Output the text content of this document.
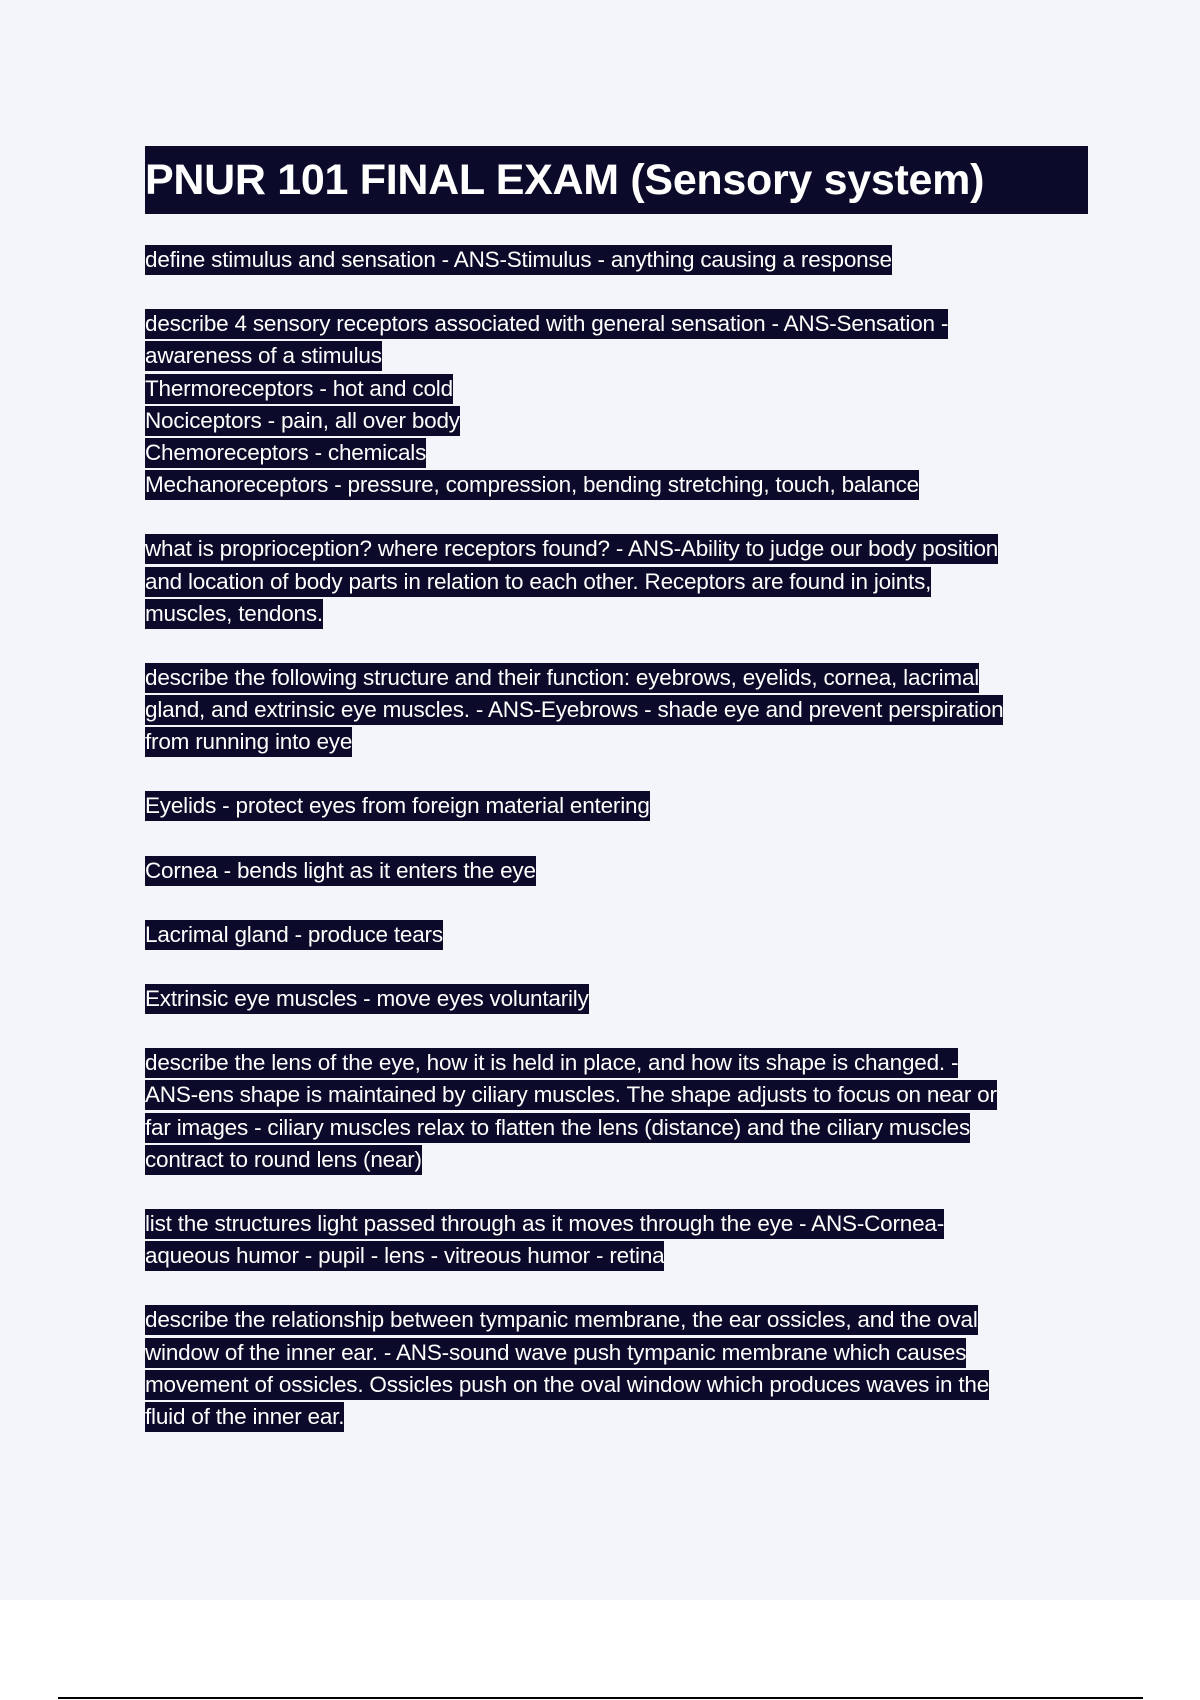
PNUR 101 FINAL EXAM (Sensory system)
define stimulus and sensation - ANS-Stimulus - anything causing a response
describe 4 sensory receptors associated with general sensation - ANS-Sensation -
awareness of a stimulus
Thermoreceptors - hot and cold
Nociceptors - pain, all over body
Chemoreceptors - chemicals
Mechanoreceptors - pressure, compression, bending stretching, touch, balance
what is proprioception? where receptors found? - ANS-Ability to judge our body position
and location of body parts in relation to each other. Receptors are found in joints,
muscles, tendons.
describe the following structure and their function: eyebrows, eyelids, cornea, lacrimal
gland, and extrinsic eye muscles. - ANS-Eyebrows - shade eye and prevent perspiration
from running into eye
Eyelids - protect eyes from foreign material entering
Cornea - bends light as it enters the eye
Lacrimal gland - produce tears
Extrinsic eye muscles - move eyes voluntarily
describe the lens of the eye, how it is held in place, and how its shape is changed. -
ANS-ens shape is maintained by ciliary muscles. The shape adjusts to focus on near or
far images - ciliary muscles relax to flatten the lens (distance) and the ciliary muscles
contract to round lens (near)
list the structures light passed through as it moves through the eye - ANS-Cornea-
aqueous humor - pupil - lens - vitreous humor - retina
describe the relationship between tympanic membrane, the ear ossicles, and the oval
window of the inner ear. - ANS-sound wave push tympanic membrane which causes
movement of ossicles. Ossicles push on the oval window which produces waves in the
fluid of the inner ear.
